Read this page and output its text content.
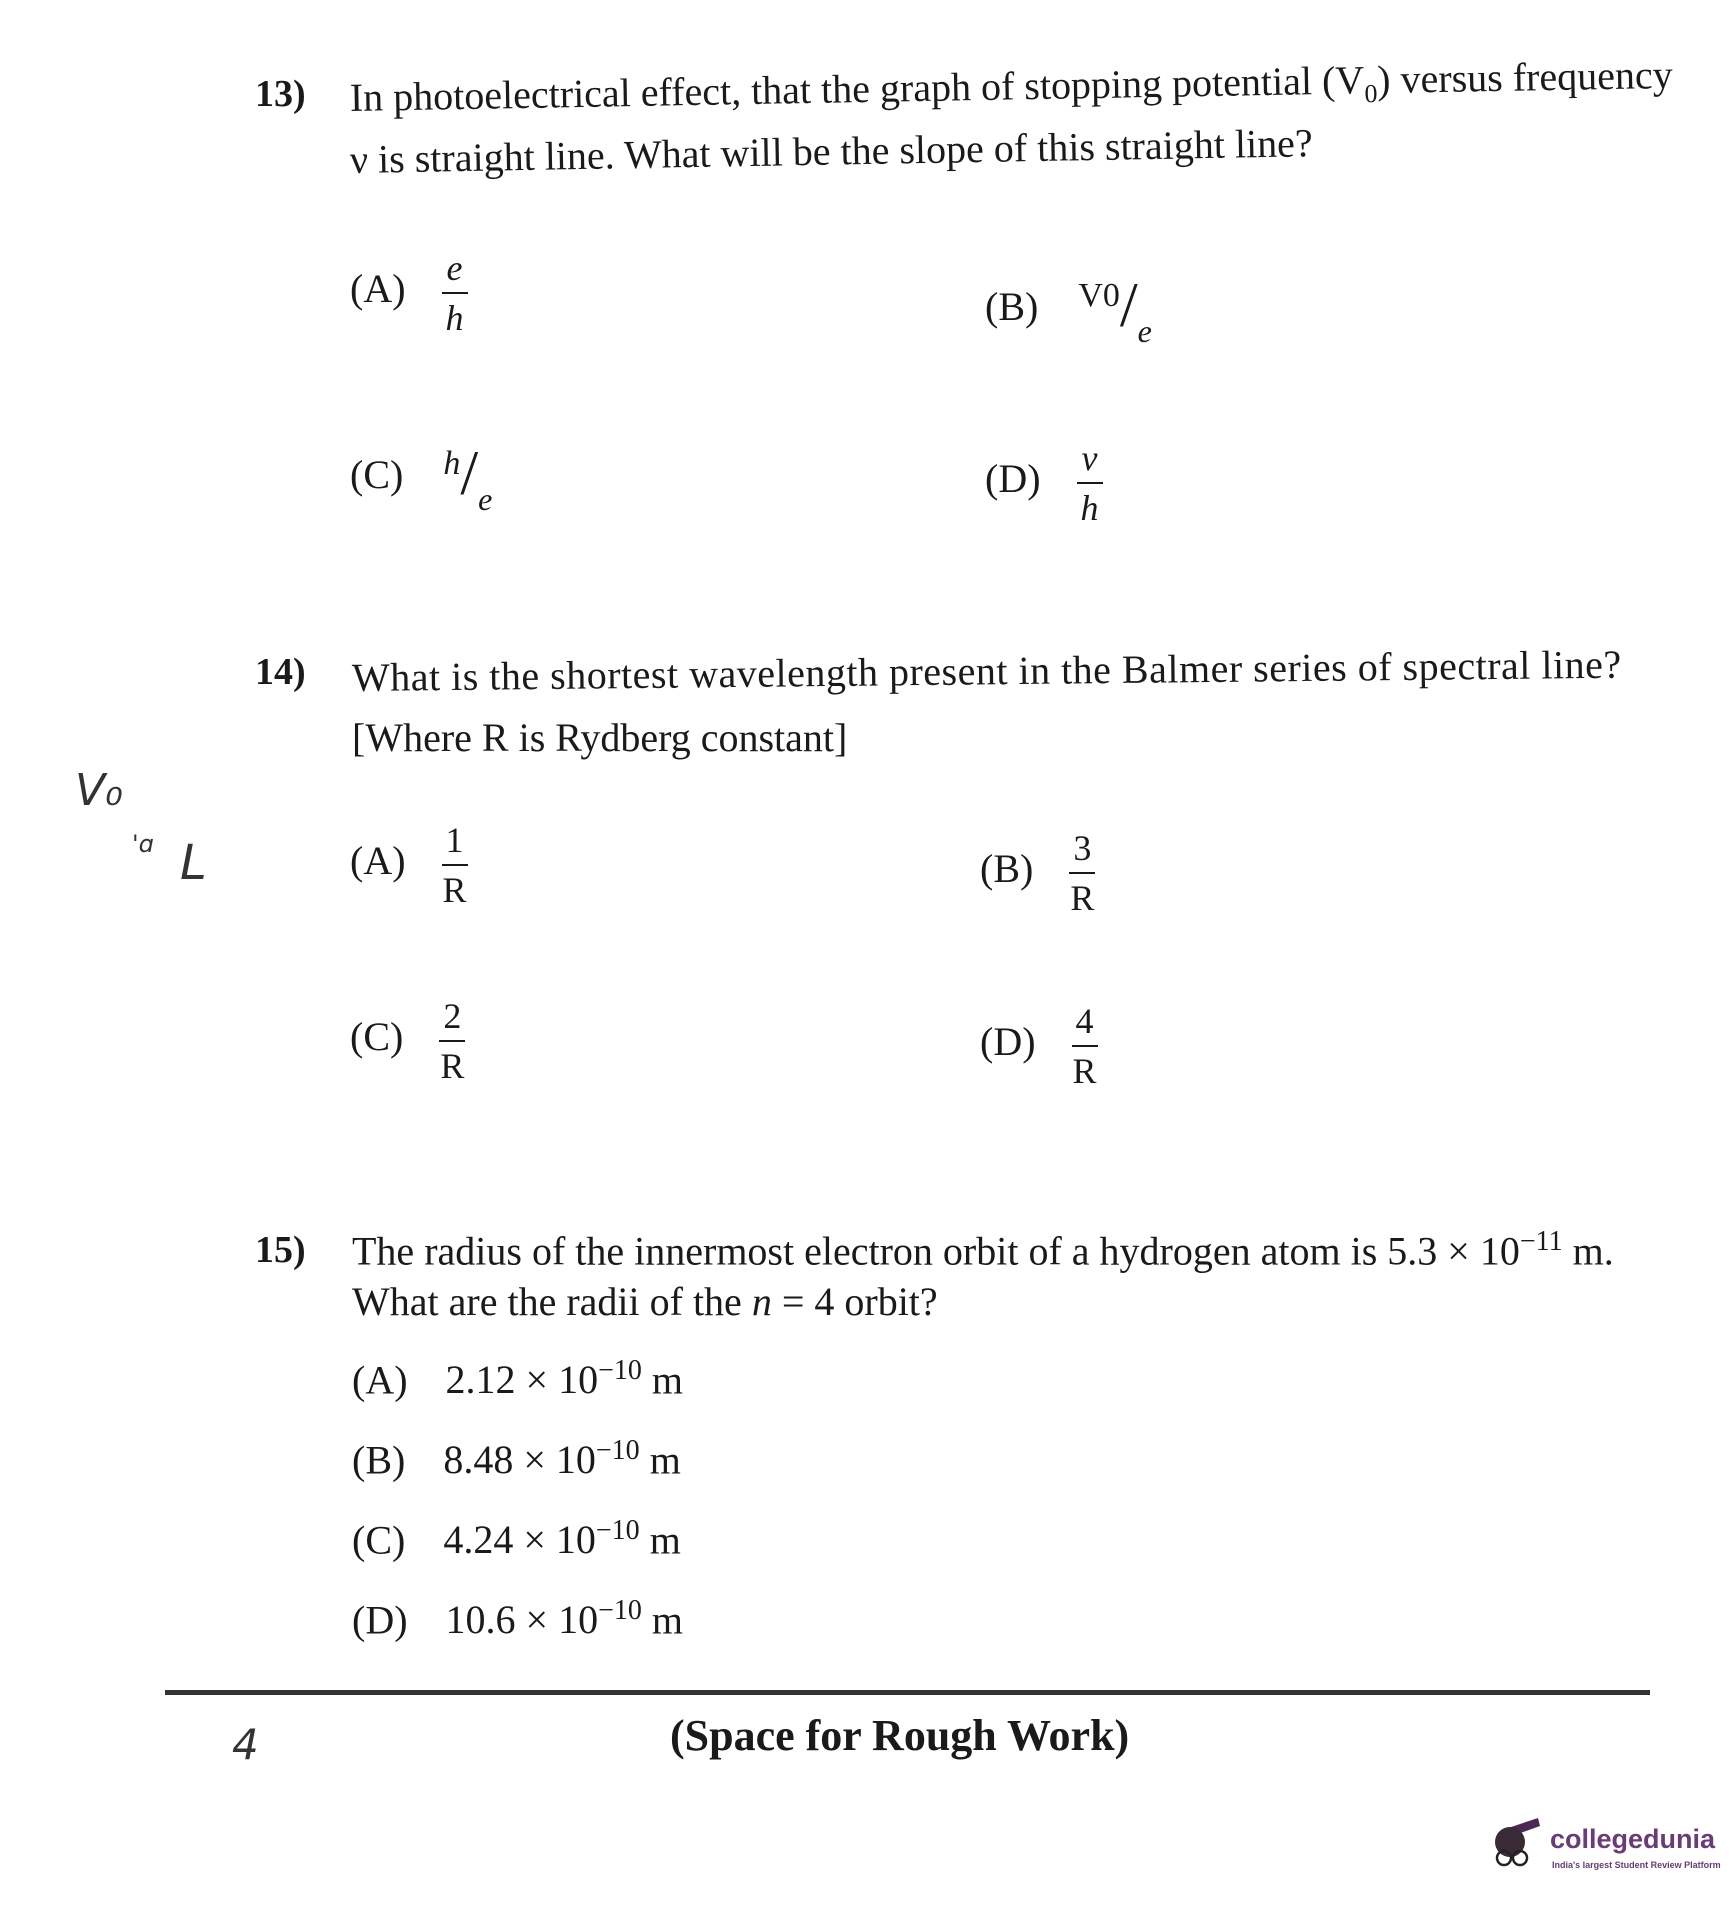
13) In photoelectrical effect, that the graph of stopping potential $(V_0)$ versus frequency
ν is straight line. What will be the slope of this straight line?
$(A) \frac{e}{h}$	(B) $^{V0}/_e$
(C) $^h/_e$	$(D) \frac{\nu}{h}$
14) What is the shortest wavelength present in the Balmer series of spectral line?
[Where R is Rydberg constant]
$(A) \frac{1}{R}$	$(B) \frac{3}{R}$
$(C) \frac{2}{R}$	$(D) \frac{4}{R}$
15) The radius of the innermost electron orbit of a hydrogen atom is $5.3 \times 10^{-11}$ m.
What are the radii of the n = 4 orbit?
(A) $2.12 \times 10^{-10}$ m
(B) $8.48 \times 10^{-10}$ m
(C) $4.24 \times 10^{-10}$ m
(D) $10.6 \times 10^{-10}$ m
(Space for Rough Work)
V₀
'ɑ L
4
collegedunia
India's largest Student Review Platform
